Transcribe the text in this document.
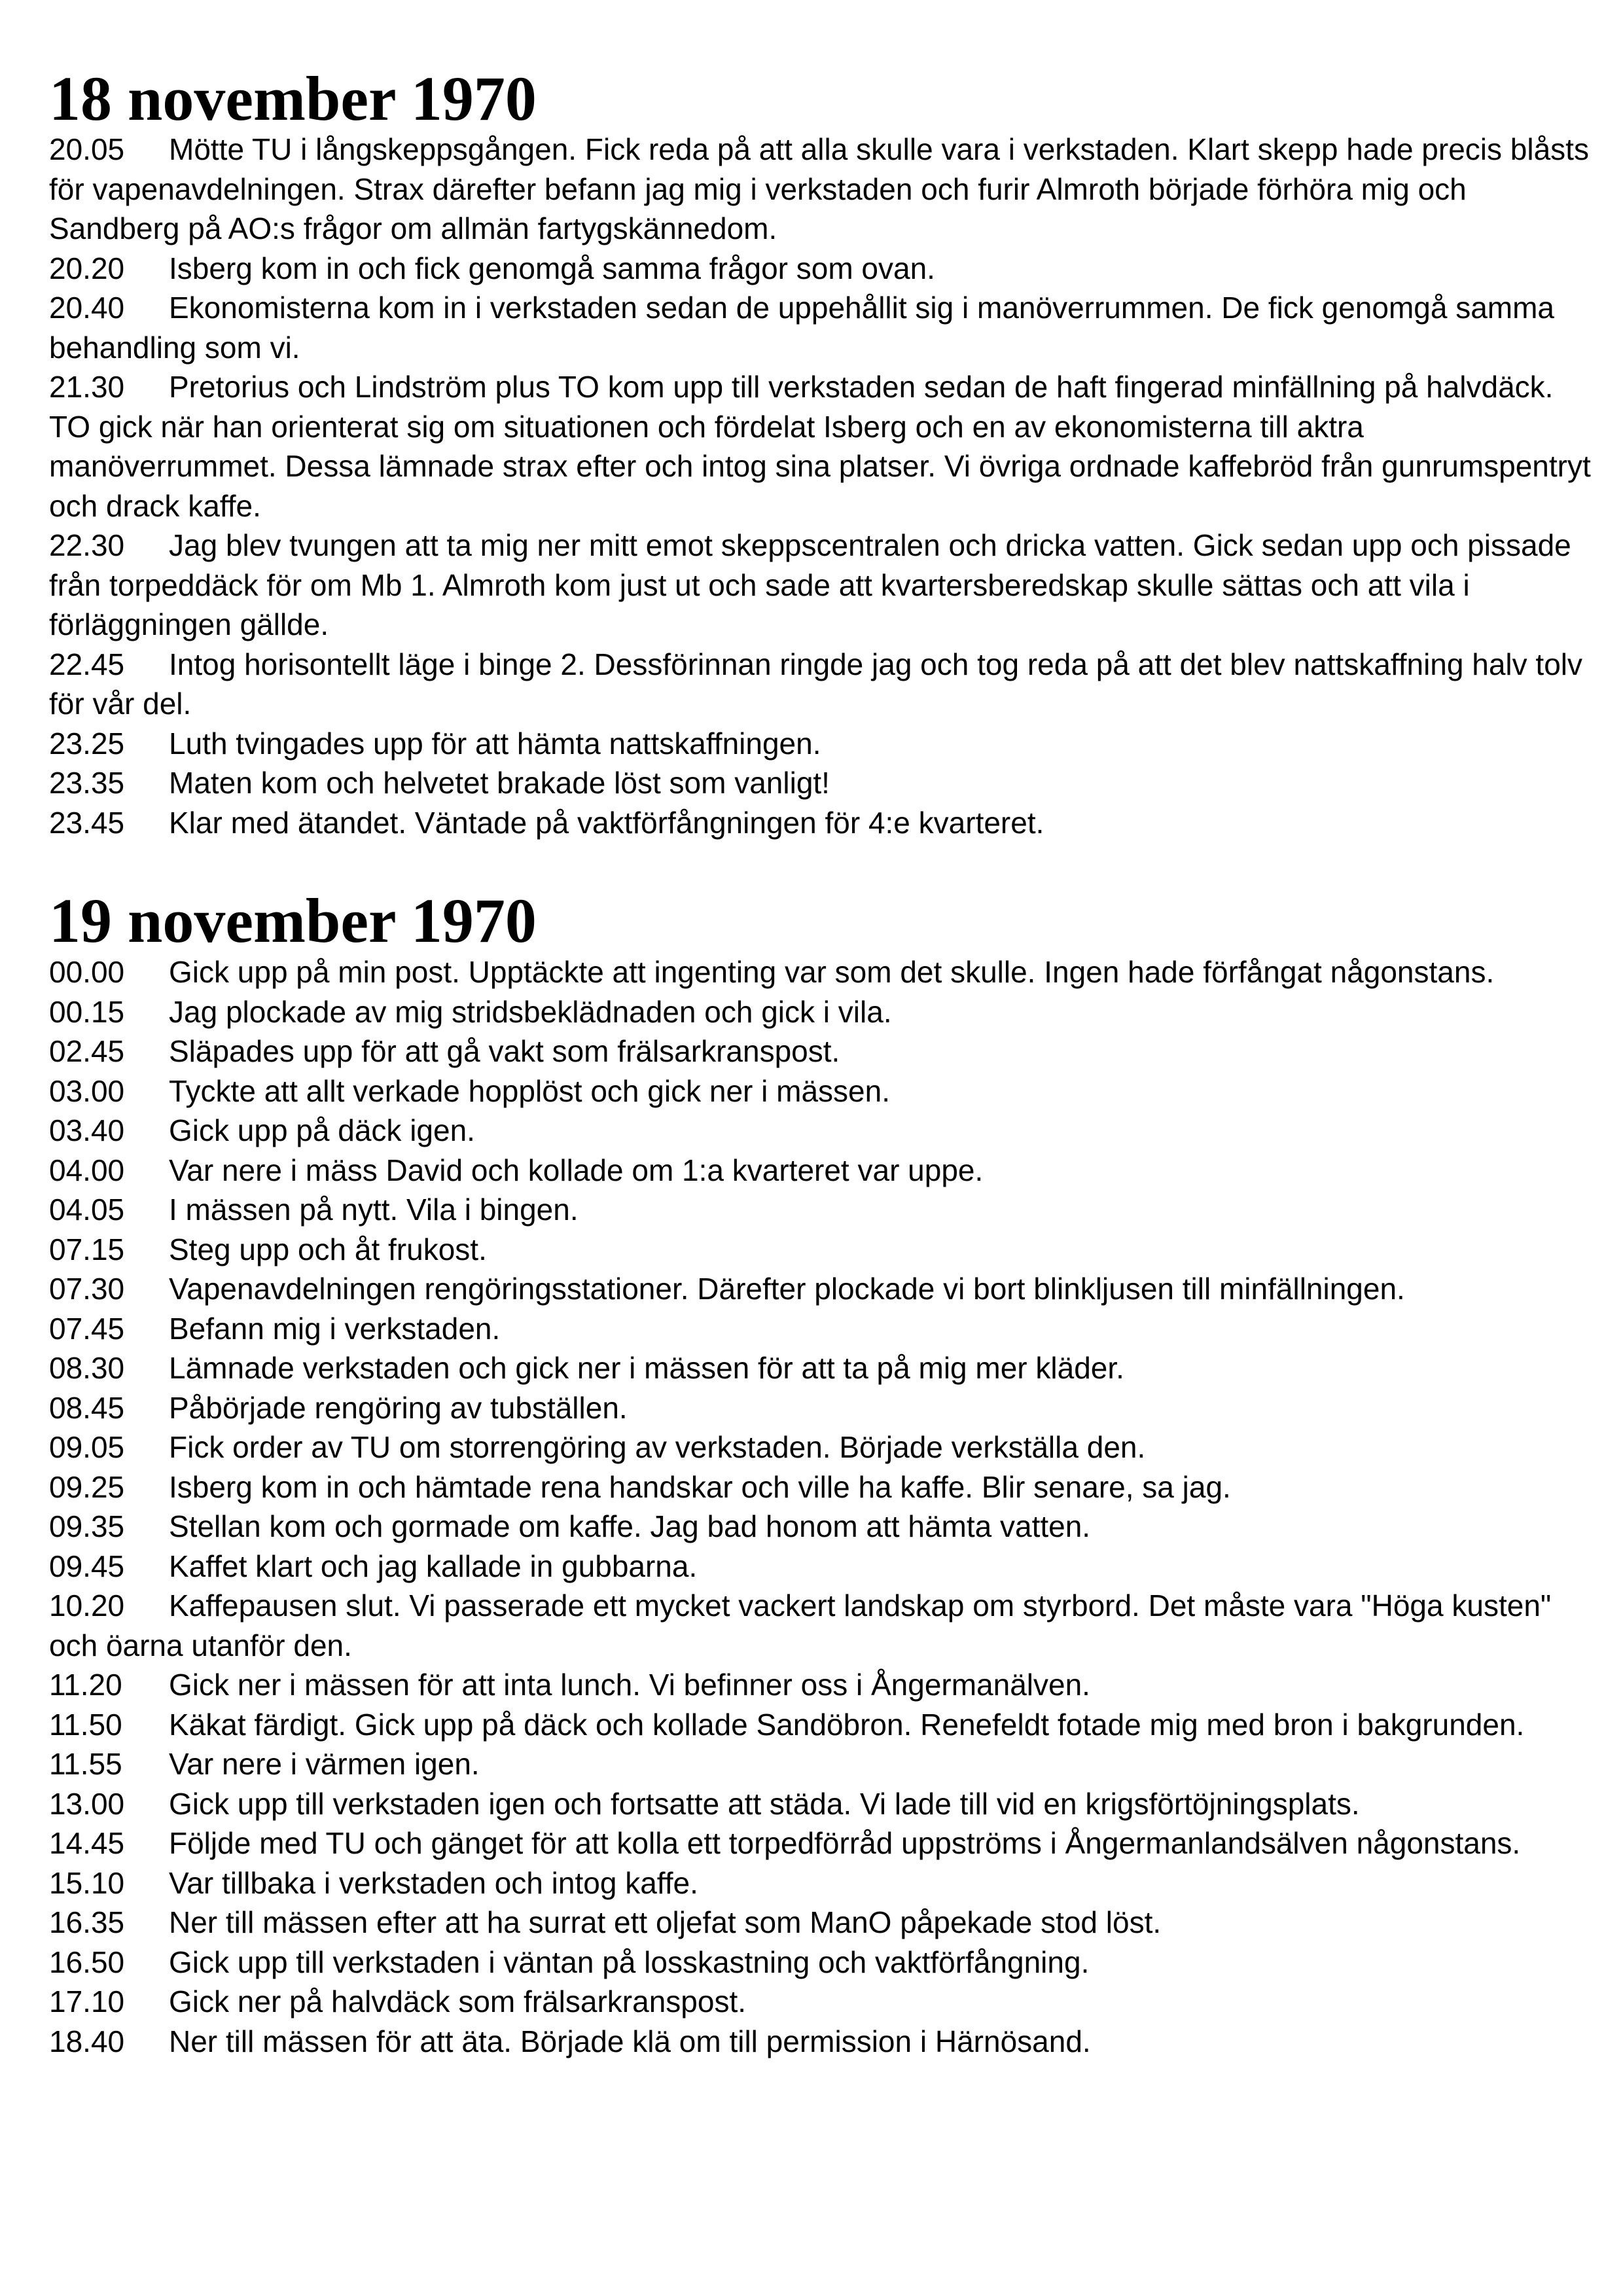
18 november 1970
20.05 Mötte TU i långskeppsgången. Fick reda på att alla skulle vara i verkstaden. Klart skepp hade precis blåsts för vapenavdelningen. Strax därefter befann jag mig i verkstaden och furir Almroth började förhöra mig och Sandberg på AO:s frågor om allmän fartygskännedom.
20.20 Isberg kom in och fick genomgå samma frågor som ovan.
20.40 Ekonomisterna kom in i verkstaden sedan de uppehållit sig i manöverrummen. De fick genomgå samma behandling som vi.
21.30 Pretorius och Lindström plus TO kom upp till verkstaden sedan de haft fingerad minfällning på halvdäck. TO gick när han orienterat sig om situationen och fördelat Isberg och en av ekonomisterna till aktra manöverrummet. Dessa lämnade strax efter och intog sina platser. Vi övriga ordnade kaffebröd från gunrumspentryt och drack kaffe.
22.30 Jag blev tvungen att ta mig ner mitt emot skeppscentralen och dricka vatten. Gick sedan upp och pissade från torpeddäck för om Mb 1. Almroth kom just ut och sade att kvartersberedskap skulle sättas och att vila i förläggningen gällde.
22.45 Intog horisontellt läge i binge 2. Dessförinnan ringde jag och tog reda på att det blev nattskaffning halv tolv för vår del.
23.25 Luth tvingades upp för att hämta nattskaffningen.
23.35 Maten kom och helvetet brakade löst som vanligt!
23.45 Klar med ätandet. Väntade på vaktförfångningen för 4:e kvarteret.
19 november 1970
00.00 Gick upp på min post. Upptäckte att ingenting var som det skulle. Ingen hade förfångat någonstans.
00.15 Jag plockade av mig stridsbeklädnaden och gick i vila.
02.45 Släpades upp för att gå vakt som frälsarkranspost.
03.00 Tyckte att allt verkade hopplöst och gick ner i mässen.
03.40 Gick upp på däck igen.
04.00 Var nere i mäss David och kollade om 1:a kvarteret var uppe.
04.05 I mässen på nytt. Vila i bingen.
07.15 Steg upp och åt frukost.
07.30 Vapenavdelningen rengöringsstationer. Därefter plockade vi bort blinkljusen till minfällningen.
07.45 Befann mig i verkstaden.
08.30 Lämnade verkstaden och gick ner i mässen för att ta på mig mer kläder.
08.45 Påbörjade rengöring av tubställen.
09.05 Fick order av TU om storrengöring av verkstaden. Började verkställa den.
09.25 Isberg kom in och hämtade rena handskar och ville ha kaffe. Blir senare, sa jag.
09.35 Stellan kom och gormade om kaffe. Jag bad honom att hämta vatten.
09.45 Kaffet klart och jag kallade in gubbarna.
10.20 Kaffepausen slut. Vi passerade ett mycket vackert landskap om styrbord. Det måste vara "Höga kusten" och öarna utanför den.
11.20 Gick ner i mässen för att inta lunch. Vi befinner oss i Ångermanälven.
11.50 Käkat färdigt. Gick upp på däck och kollade Sandöbron. Renefeldt fotade mig med bron i bakgrunden.
11.55 Var nere i värmen igen.
13.00 Gick upp till verkstaden igen och fortsatte att städa. Vi lade till vid en krigsförtöjningsplats.
14.45 Följde med TU och gänget för att kolla ett torpedförråd uppströms i Ångermanlandsälven någonstans.
15.10 Var tillbaka i verkstaden och intog kaffe.
16.35 Ner till mässen efter att ha surrat ett oljefat som ManO påpekade stod löst.
16.50 Gick upp till verkstaden i väntan på losskastning och vaktförfångning.
17.10 Gick ner på halvdäck som frälsarkranspost.
18.40 Ner till mässen för att äta. Började klä om till permission i Härnösand.
